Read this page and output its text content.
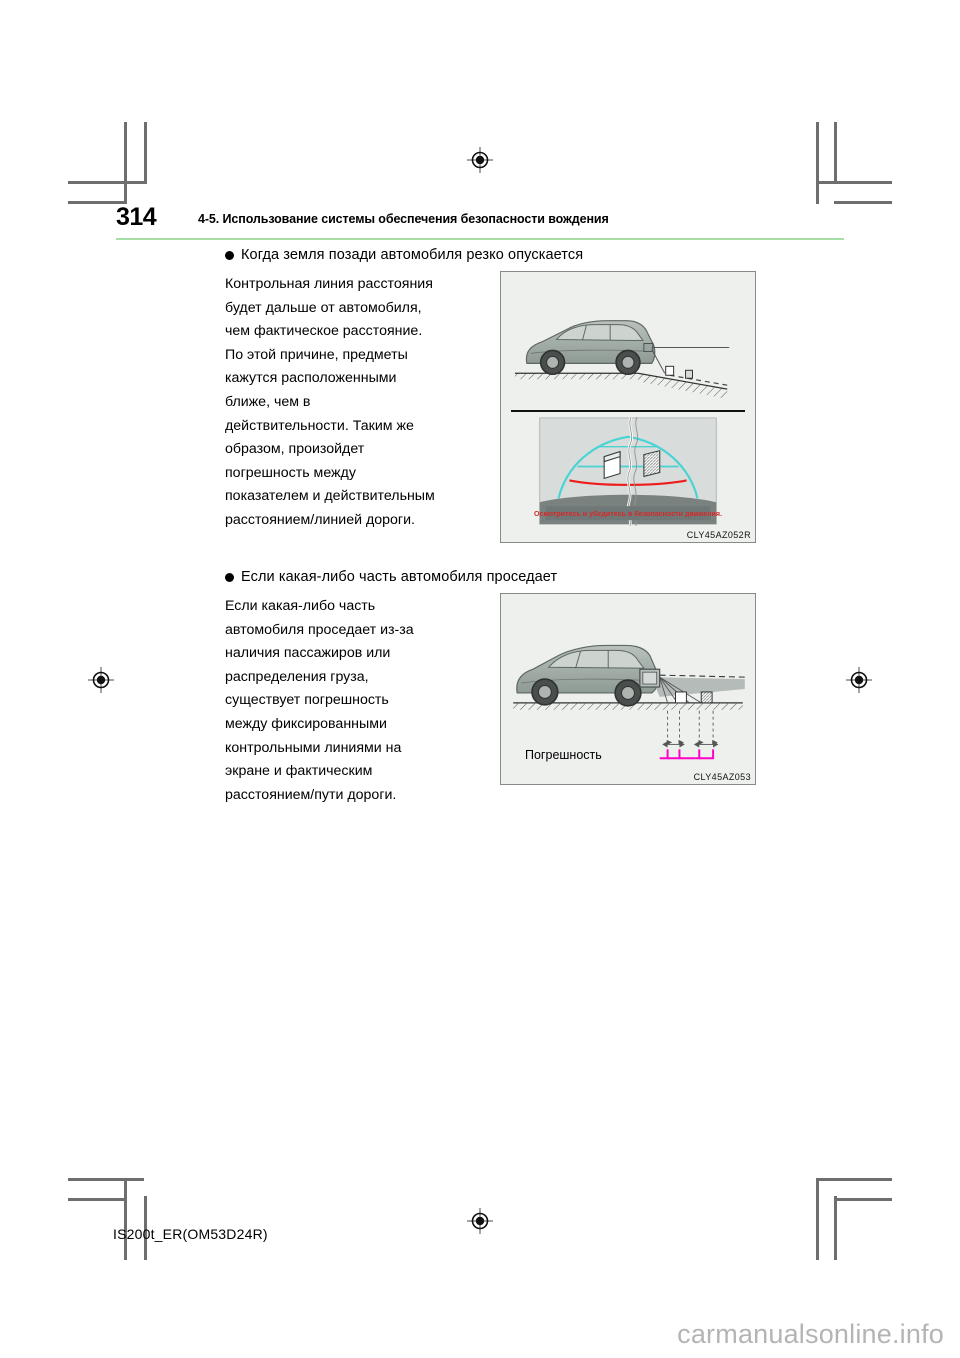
314	4-5. Использование системы обеспечения безопасности вождения
Когда земля позади автомобиля резко опускается
Контрольная линия расстояния
будет дальше от автомобиля,
чем фактическое расстояние.
По этой причине, предметы
кажутся расположенными
ближе, чем в
действительности. Таким же
образом, произойдет
погрешность между
показателем и действительным
расстоянием/линией дороги.	Осмотритесь и убедитесь в безопасности движения.
CLY45AZ052R
Если какая-либо часть автомобиля проседает
Если какая-либо часть
автомобиля проседает из-за
наличия пассажиров или
распределения груза,
существует погрешность
между фиксированными
контрольными линиями на
экране и фактическим
расстоянием/пути дороги.
Погрешность
CLY45AZ053
IS200t_ER(OM53D24R)
carmanualsonline.info
